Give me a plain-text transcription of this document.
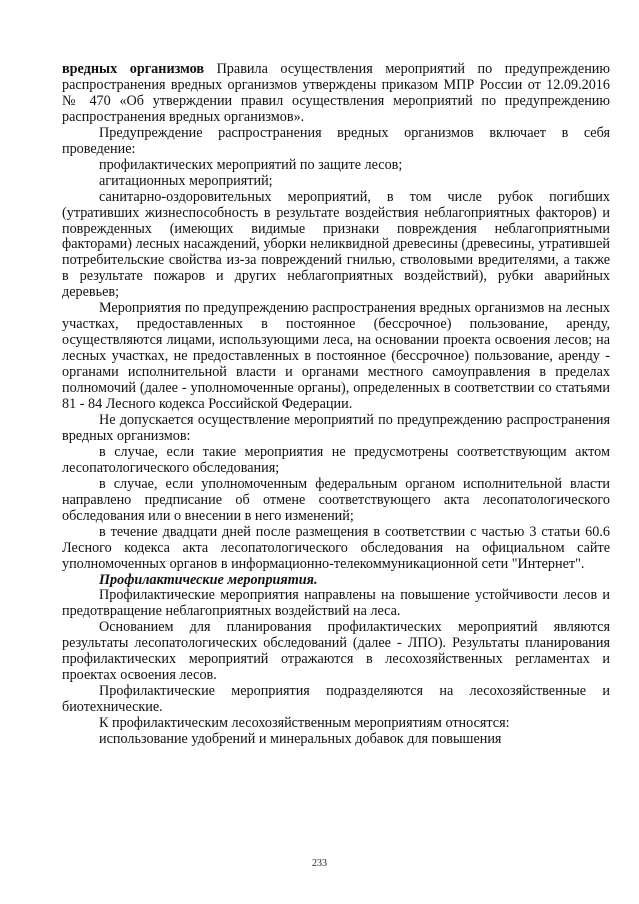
вредных организмов Правила осуществления мероприятий по предупреждению распространения вредных организмов утверждены приказом МПР России от 12.09.2016 № 470 «Об утверждении правил осуществления мероприятий по предупреждению распространения вредных организмов».

Предупреждение распространения вредных организмов включает в себя проведение:

профилактических мероприятий по защите лесов;

агитационных мероприятий;

санитарно-оздоровительных мероприятий, в том числе рубок погибших (утративших жизнеспособность в результате воздействия неблагоприятных факторов) и поврежденных (имеющих видимые признаки повреждения неблагоприятными факторами) лесных насаждений, уборки неликвидной древесины (древесины, утратившей потребительские свойства из-за повреждений гнилью, стволовыми вредителями, а также в результате пожаров и других неблагоприятных воздействий), рубки аварийных деревьев;

Мероприятия по предупреждению распространения вредных организмов на лесных участках, предоставленных в постоянное (бессрочное) пользование, аренду, осуществляются лицами, использующими леса, на основании проекта освоения лесов; на лесных участках, не предоставленных в постоянное (бессрочное) пользование, аренду - органами исполнительной власти и органами местного самоуправления в пределах полномочий (далее - уполномоченные органы), определенных в соответствии со статьями 81 - 84 Лесного кодекса Российской Федерации.

Не допускается осуществление мероприятий по предупреждению распространения вредных организмов:

в случае, если такие мероприятия не предусмотрены соответствующим актом лесопатологического обследования;

в случае, если уполномоченным федеральным органом исполнительной власти направлено предписание об отмене соответствующего акта лесопатологического обследования или о внесении в него изменений;

в течение двадцати дней после размещения в соответствии с частью 3 статьи 60.6 Лесного кодекса акта лесопатологического обследования на официальном сайте уполномоченных органов в информационно-телекоммуникационной сети "Интернет".

Профилактические мероприятия.

Профилактические мероприятия направлены на повышение устойчивости лесов и предотвращение неблагоприятных воздействий на леса.

Основанием для планирования профилактических мероприятий являются результаты лесопатологических обследований (далее - ЛПО). Результаты планирования профилактических мероприятий отражаются в лесохозяйственных регламентах и проектах освоения лесов.

Профилактические мероприятия подразделяются на лесохозяйственные и биотехнические.

К профилактическим лесохозяйственным мероприятиям относятся:

использование удобрений и минеральных добавок для повышения

233
